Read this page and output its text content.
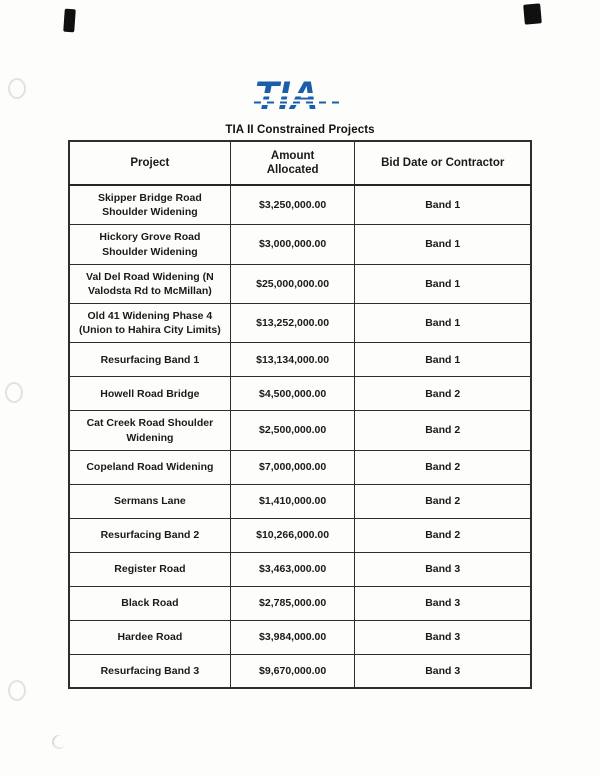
TIA II Constrained Projects
Project	Amount Allocated	Bid Date or Contractor
Skipper Bridge Road Shoulder Widening	$3,250,000.00	Band 1
Hickory Grove Road Shoulder Widening	$3,000,000.00	Band 1
Val Del Road Widening (N Valodsta Rd to McMillan)	$25,000,000.00	Band 1
Old 41 Widening Phase 4 (Union to Hahira City Limits)	$13,252,000.00	Band 1
Resurfacing Band 1	$13,134,000.00	Band 1
Howell Road Bridge	$4,500,000.00	Band 2
Cat Creek Road Shoulder Widening	$2,500,000.00	Band 2
Copeland Road Widening	$7,000,000.00	Band 2
Sermans Lane	$1,410,000.00	Band 2
Resurfacing Band 2	$10,266,000.00	Band 2
Register Road	$3,463,000.00	Band 3
Black Road	$2,785,000.00	Band 3
Hardee Road	$3,984,000.00	Band 3
Resurfacing Band 3	$9,670,000.00	Band 3
